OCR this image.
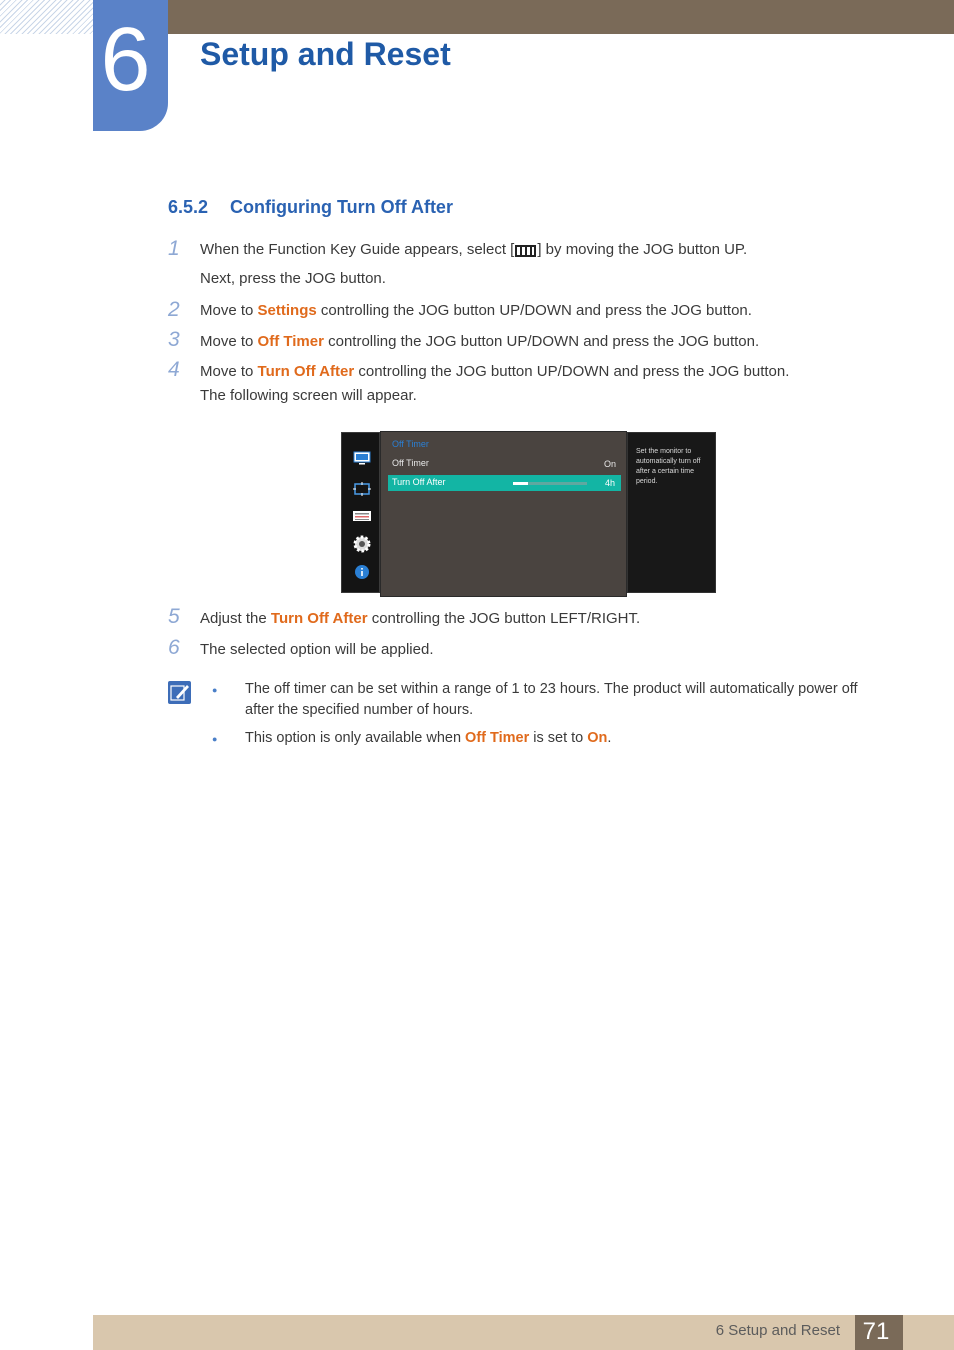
6 Setup and Reset
6.5.2 Configuring Turn Off After
1 When the Function Key Guide appears, select [ ] by moving the JOG button UP.
Next, press the JOG button.
2 Move to Settings controlling the JOG button UP/DOWN and press the JOG button.
3 Move to Off Timer controlling the JOG button UP/DOWN and press the JOG button.
4 Move to Turn Off After controlling the JOG button UP/DOWN and press the JOG button.
The following screen will appear.
Off Timer
Off Timer	On
Turn Off After	4h
Set the monitor to automatically turn off after a certain time period.
5 Adjust the Turn Off After controlling the JOG button LEFT/RIGHT.
6 The selected option will be applied.
● The off timer can be set within a range of 1 to 23 hours. The product will automatically power off after the specified number of hours.
● This option is only available when Off Timer is set to On.
6 Setup and Reset 71
